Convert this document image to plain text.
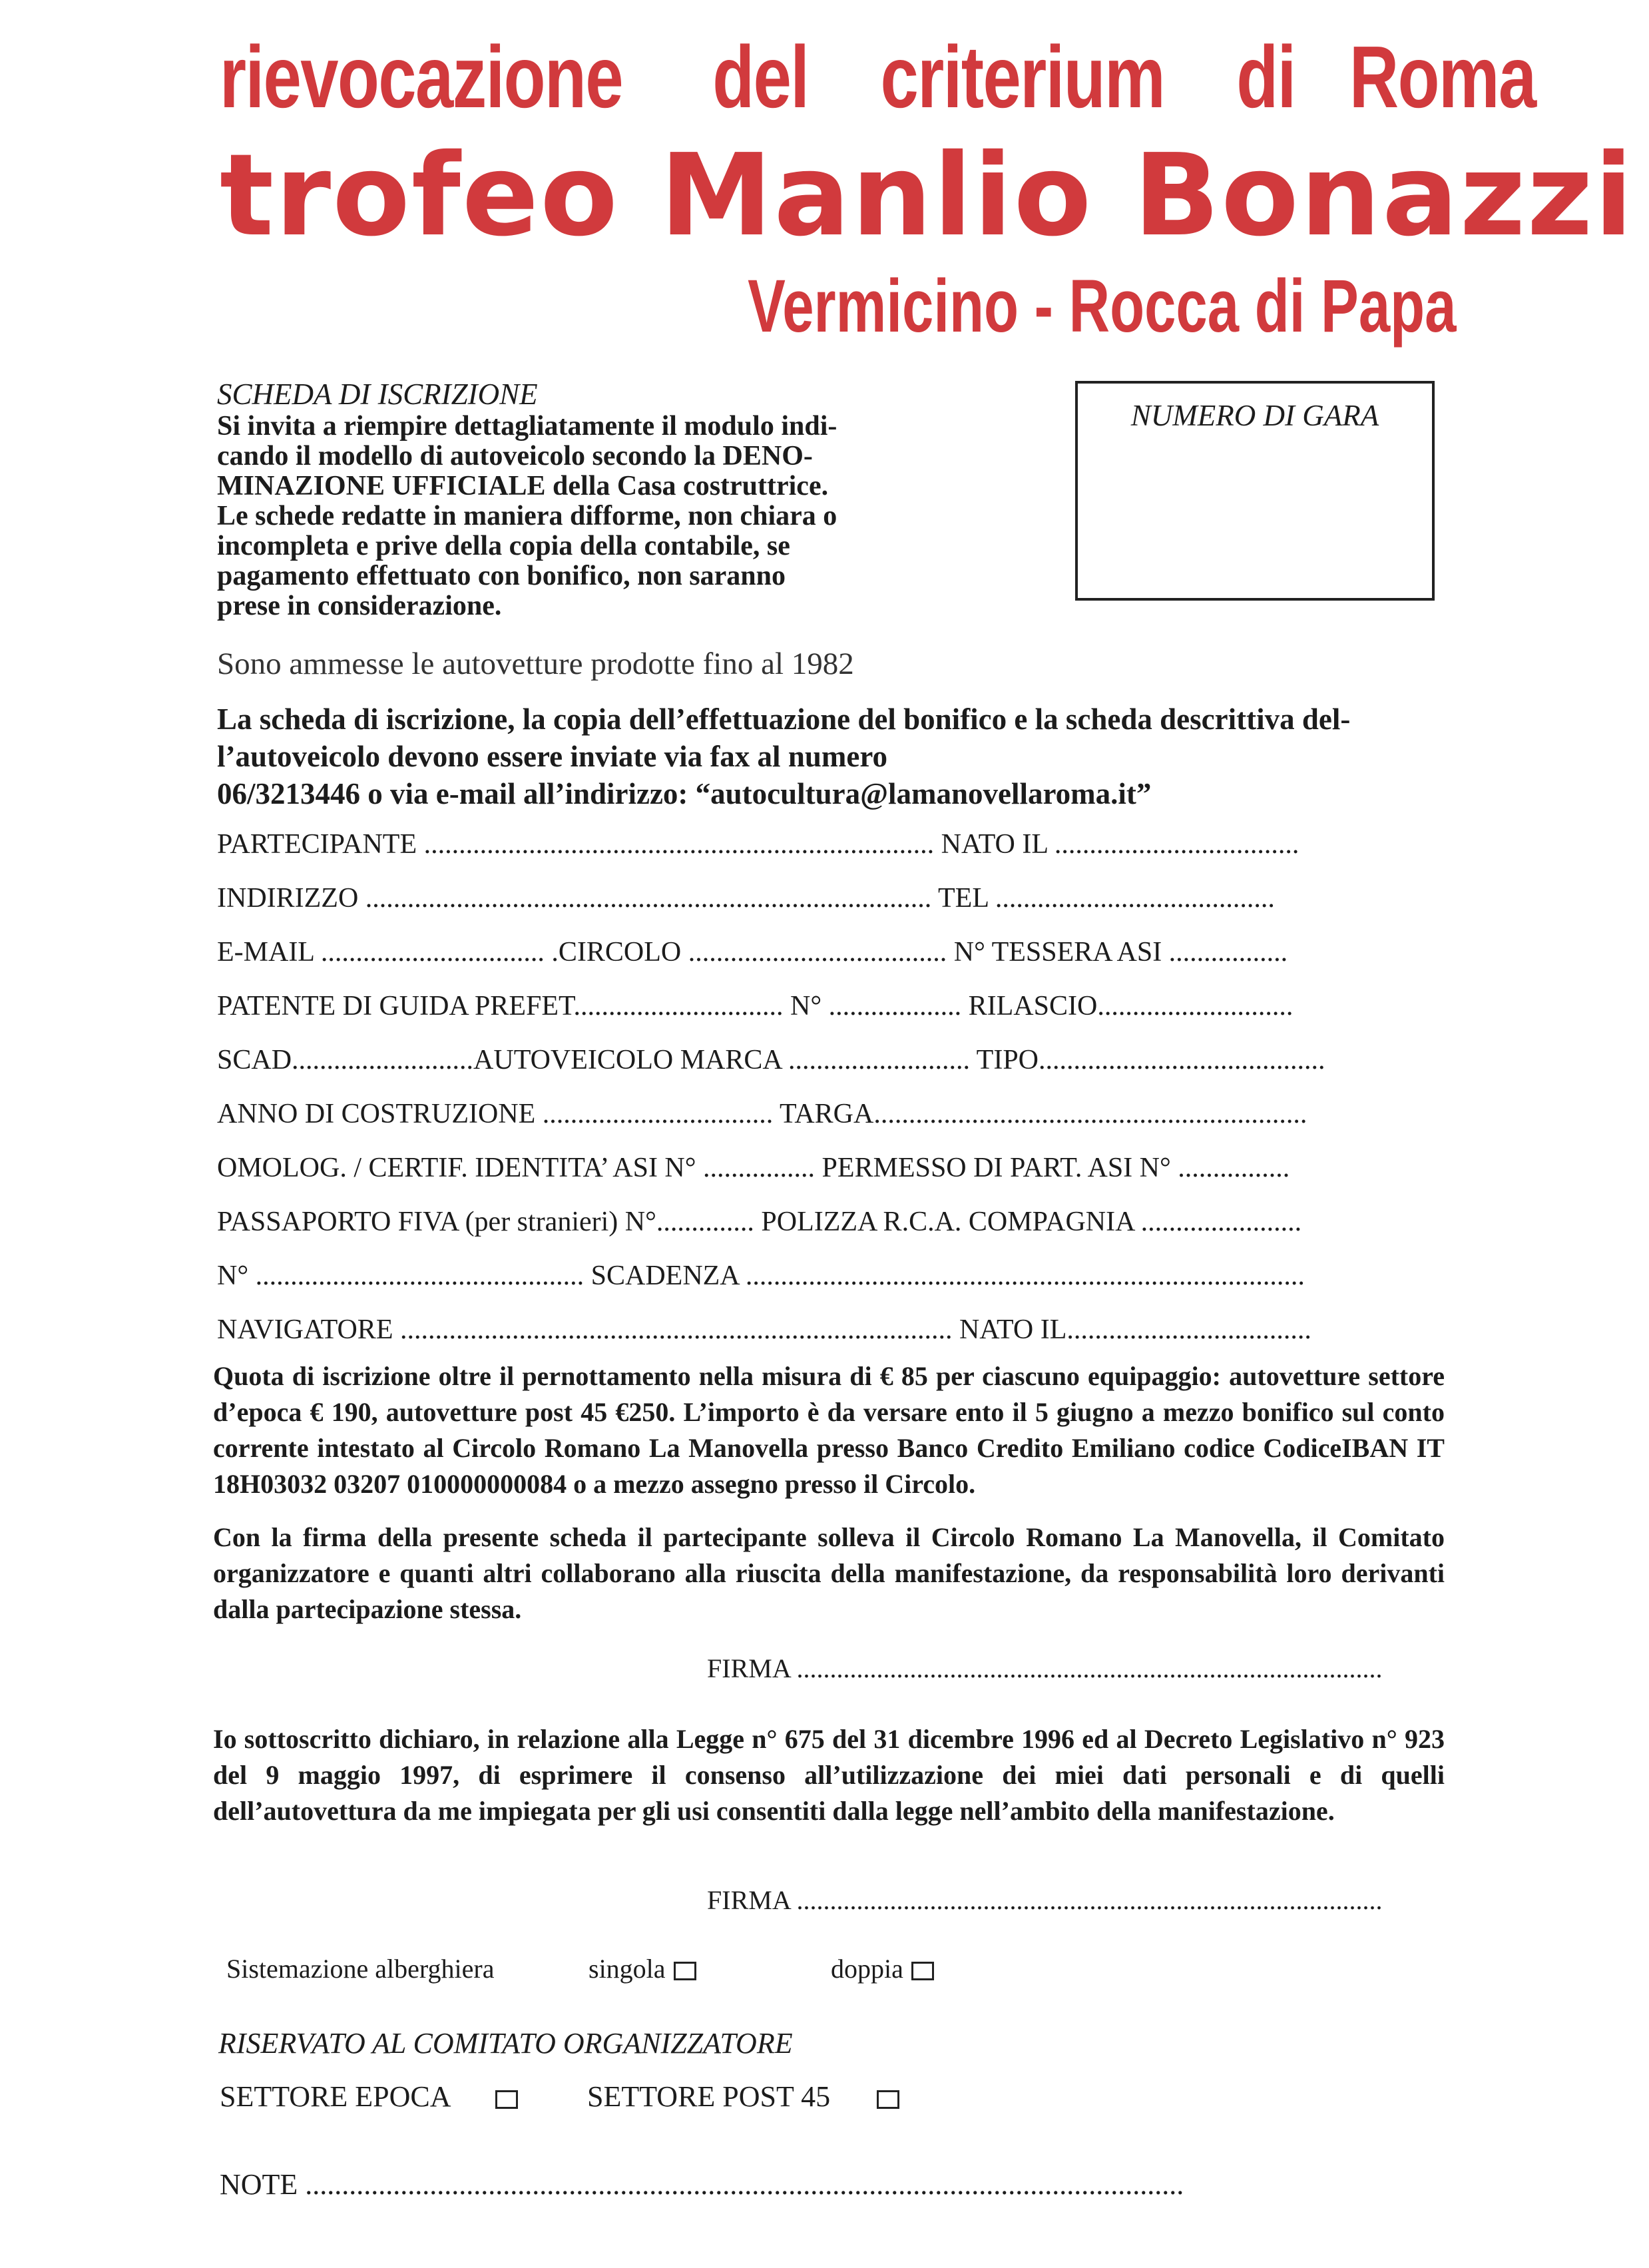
rievocazione del criterium di Roma
trofeo Manlio Bonazzi
Vermicino - Rocca di Papa
SCHEDA DI ISCRIZIONE
Si invita a riempire dettagliatamente il modulo indi-
cando il modello di autoveicolo secondo la DENO-
MINAZIONE UFFICIALE della Casa costruttrice.
Le schede redatte in maniera difforme, non chiara o
incompleta e prive della copia della contabile, se
pagamento effettuato con bonifico, non saranno
prese in considerazione.
NUMERO DI GARA
Sono ammesse le autovetture prodotte fino al 1982
La scheda di iscrizione, la copia dell’effettuazione del bonifico e la scheda descrittiva del-
l’autoveicolo devono essere inviate via fax al numero
06/3213446 o via e-mail all’indirizzo: “autocultura@lamanovellaroma.it”
PARTECIPANTE ......................................................................... NATO IL ...................................
INDIRIZZO ................................................................................. TEL ........................................
E-MAIL ................................ .CIRCOLO ..................................... N° TESSERA ASI .................
PATENTE DI GUIDA PREFET.............................. N° ................... RILASCIO............................
SCAD..........................AUTOVEICOLO MARCA .......................... TIPO.........................................
ANNO DI COSTRUZIONE ................................. TARGA..............................................................
OMOLOG. / CERTIF. IDENTITA’ ASI N° ................ PERMESSO DI PART. ASI N° ................
PASSAPORTO FIVA (per stranieri) N°.............. POLIZZA R.C.A. COMPAGNIA .......................
N° ............................................... SCADENZA ................................................................................
NAVIGATORE ............................................................................... NATO IL...................................
Quota di iscrizione oltre il pernottamento nella misura di € 85 per ciascuno equipaggio: autovetture settore d’epoca € 190, autovetture post 45 €250. L’importo è da versare ento il 5 giugno a mezzo bonifico sul conto corrente intestato al Circolo Romano La Manovella presso Banco Credito Emiliano codice CodiceIBAN IT 18H03032 03207 010000000084 o a mezzo assegno presso il Circolo.
Con la firma della presente scheda il partecipante solleva il Circolo Romano La Manovella, il Comitato organizzatore e quanti altri collaborano alla riuscita della manifestazione, da responsabilità loro derivanti dalla partecipazione stessa.
FIRMA ........................................................................................
Io sottoscritto dichiaro, in relazione alla Legge n° 675 del 31 dicembre 1996 ed al Decreto Legislativo n° 923 del 9 maggio 1997, di esprimere il consenso all’utilizzazione dei miei dati personali e di quelli dell’autovettura da me impiegata per gli usi consentiti dalla legge nell’ambito della manifestazione.
FIRMA ........................................................................................
Sistemazione alberghiera	singola	doppia
RISERVATO AL COMITATO ORGANIZZATORE
SETTORE EPOCA	SETTORE POST 45
NOTE ........................................................................................................................
